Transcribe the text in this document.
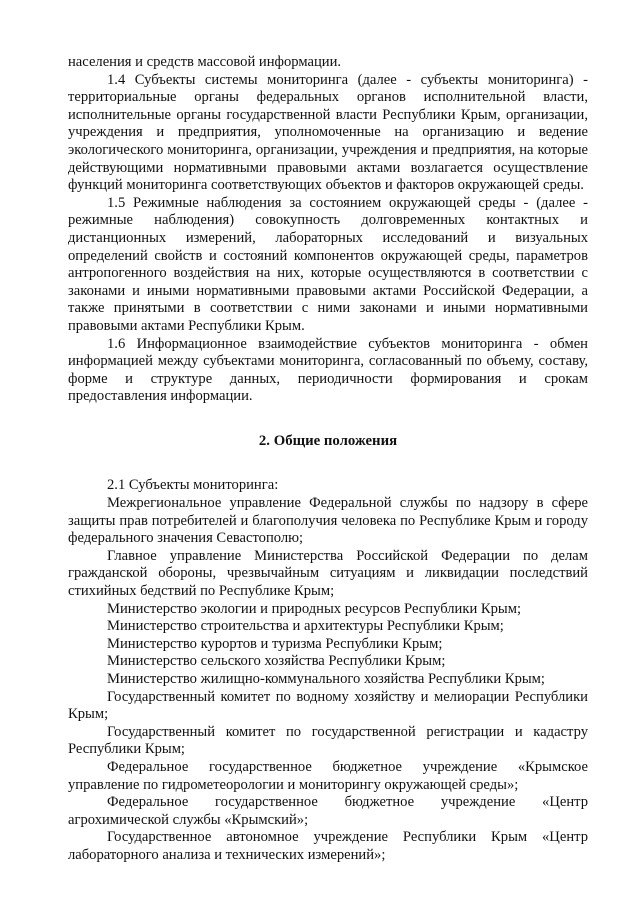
населения и средств массовой информации.

1.4 Субъекты системы мониторинга (далее - субъекты мониторинга) - территориальные органы федеральных органов исполнительной власти, исполнительные органы государственной власти Республики Крым, организации, учреждения и предприятия, уполномоченные на организацию и ведение экологического мониторинга, организации, учреждения и предприятия, на которые действующими нормативными правовыми актами возлагается осуществление функций мониторинга соответствующих объектов и факторов окружающей среды.

1.5 Режимные наблюдения за состоянием окружающей среды - (далее - режимные наблюдения) совокупность долговременных контактных и дистанционных измерений, лабораторных исследований и визуальных определений свойств и состояний компонентов окружающей среды, параметров антропогенного воздействия на них, которые осуществляются в соответствии с законами и иными нормативными правовыми актами Российской Федерации, а также принятыми в соответствии с ними законами и иными нормативными правовыми актами Республики Крым.

1.6 Информационное взаимодействие субъектов мониторинга - обмен информацией между субъектами мониторинга, согласованный по объему, составу, форме и структуре данных, периодичности формирования и срокам предоставления информации.

2. Общие положения

2.1 Субъекты мониторинга:

Межрегиональное управление Федеральной службы по надзору в сфере защиты прав потребителей и благополучия человека по Республике Крым и городу федерального значения Севастополю;

Главное управление Министерства Российской Федерации по делам гражданской обороны, чрезвычайным ситуациям и ликвидации последствий стихийных бедствий по Республике Крым;

Министерство экологии и природных ресурсов Республики Крым;

Министерство строительства и архитектуры Республики Крым;

Министерство курортов и туризма Республики Крым;

Министерство сельского хозяйства Республики Крым;

Министерство жилищно-коммунального хозяйства Республики Крым;

Государственный комитет по водному хозяйству и мелиорации Республики Крым;

Государственный комитет по государственной регистрации и кадастру Республики Крым;

Федеральное государственное бюджетное учреждение «Крымское управление по гидрометеорологии и мониторингу окружающей среды»;

Федеральное государственное бюджетное учреждение «Центр агрохимической службы «Крымский»;

Государственное автономное учреждение Республики Крым «Центр лабораторного анализа и технических измерений»;
